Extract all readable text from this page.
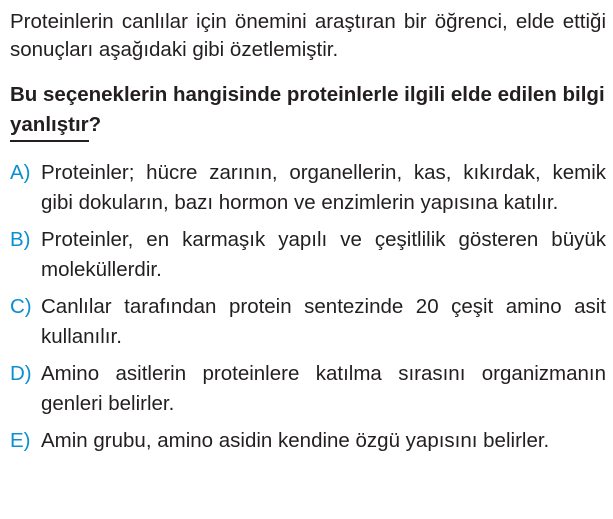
Proteinlerin canlılar için önemini araştıran bir öğrenci, elde ettiği sonuçları aşağıdaki gibi özetlemiştir.

Bu seçeneklerin hangisinde proteinlerle ilgili elde edilen bilgi yanlıştır?

A) Proteinler; hücre zarının, organellerin, kas, kıkırdak, kemik gibi dokuların, bazı hormon ve enzimlerin yapısına katılır.
B) Proteinler, en karmaşık yapılı ve çeşitlilik gösteren büyük moleküllerdir.
C) Canlılar tarafından protein sentezinde 20 çeşit amino asit kullanılır.
D) Amino asitlerin proteinlere katılma sırasını organizmanın genleri belirler.
E) Amin grubu, amino asidin kendine özgü yapısını belirler.
